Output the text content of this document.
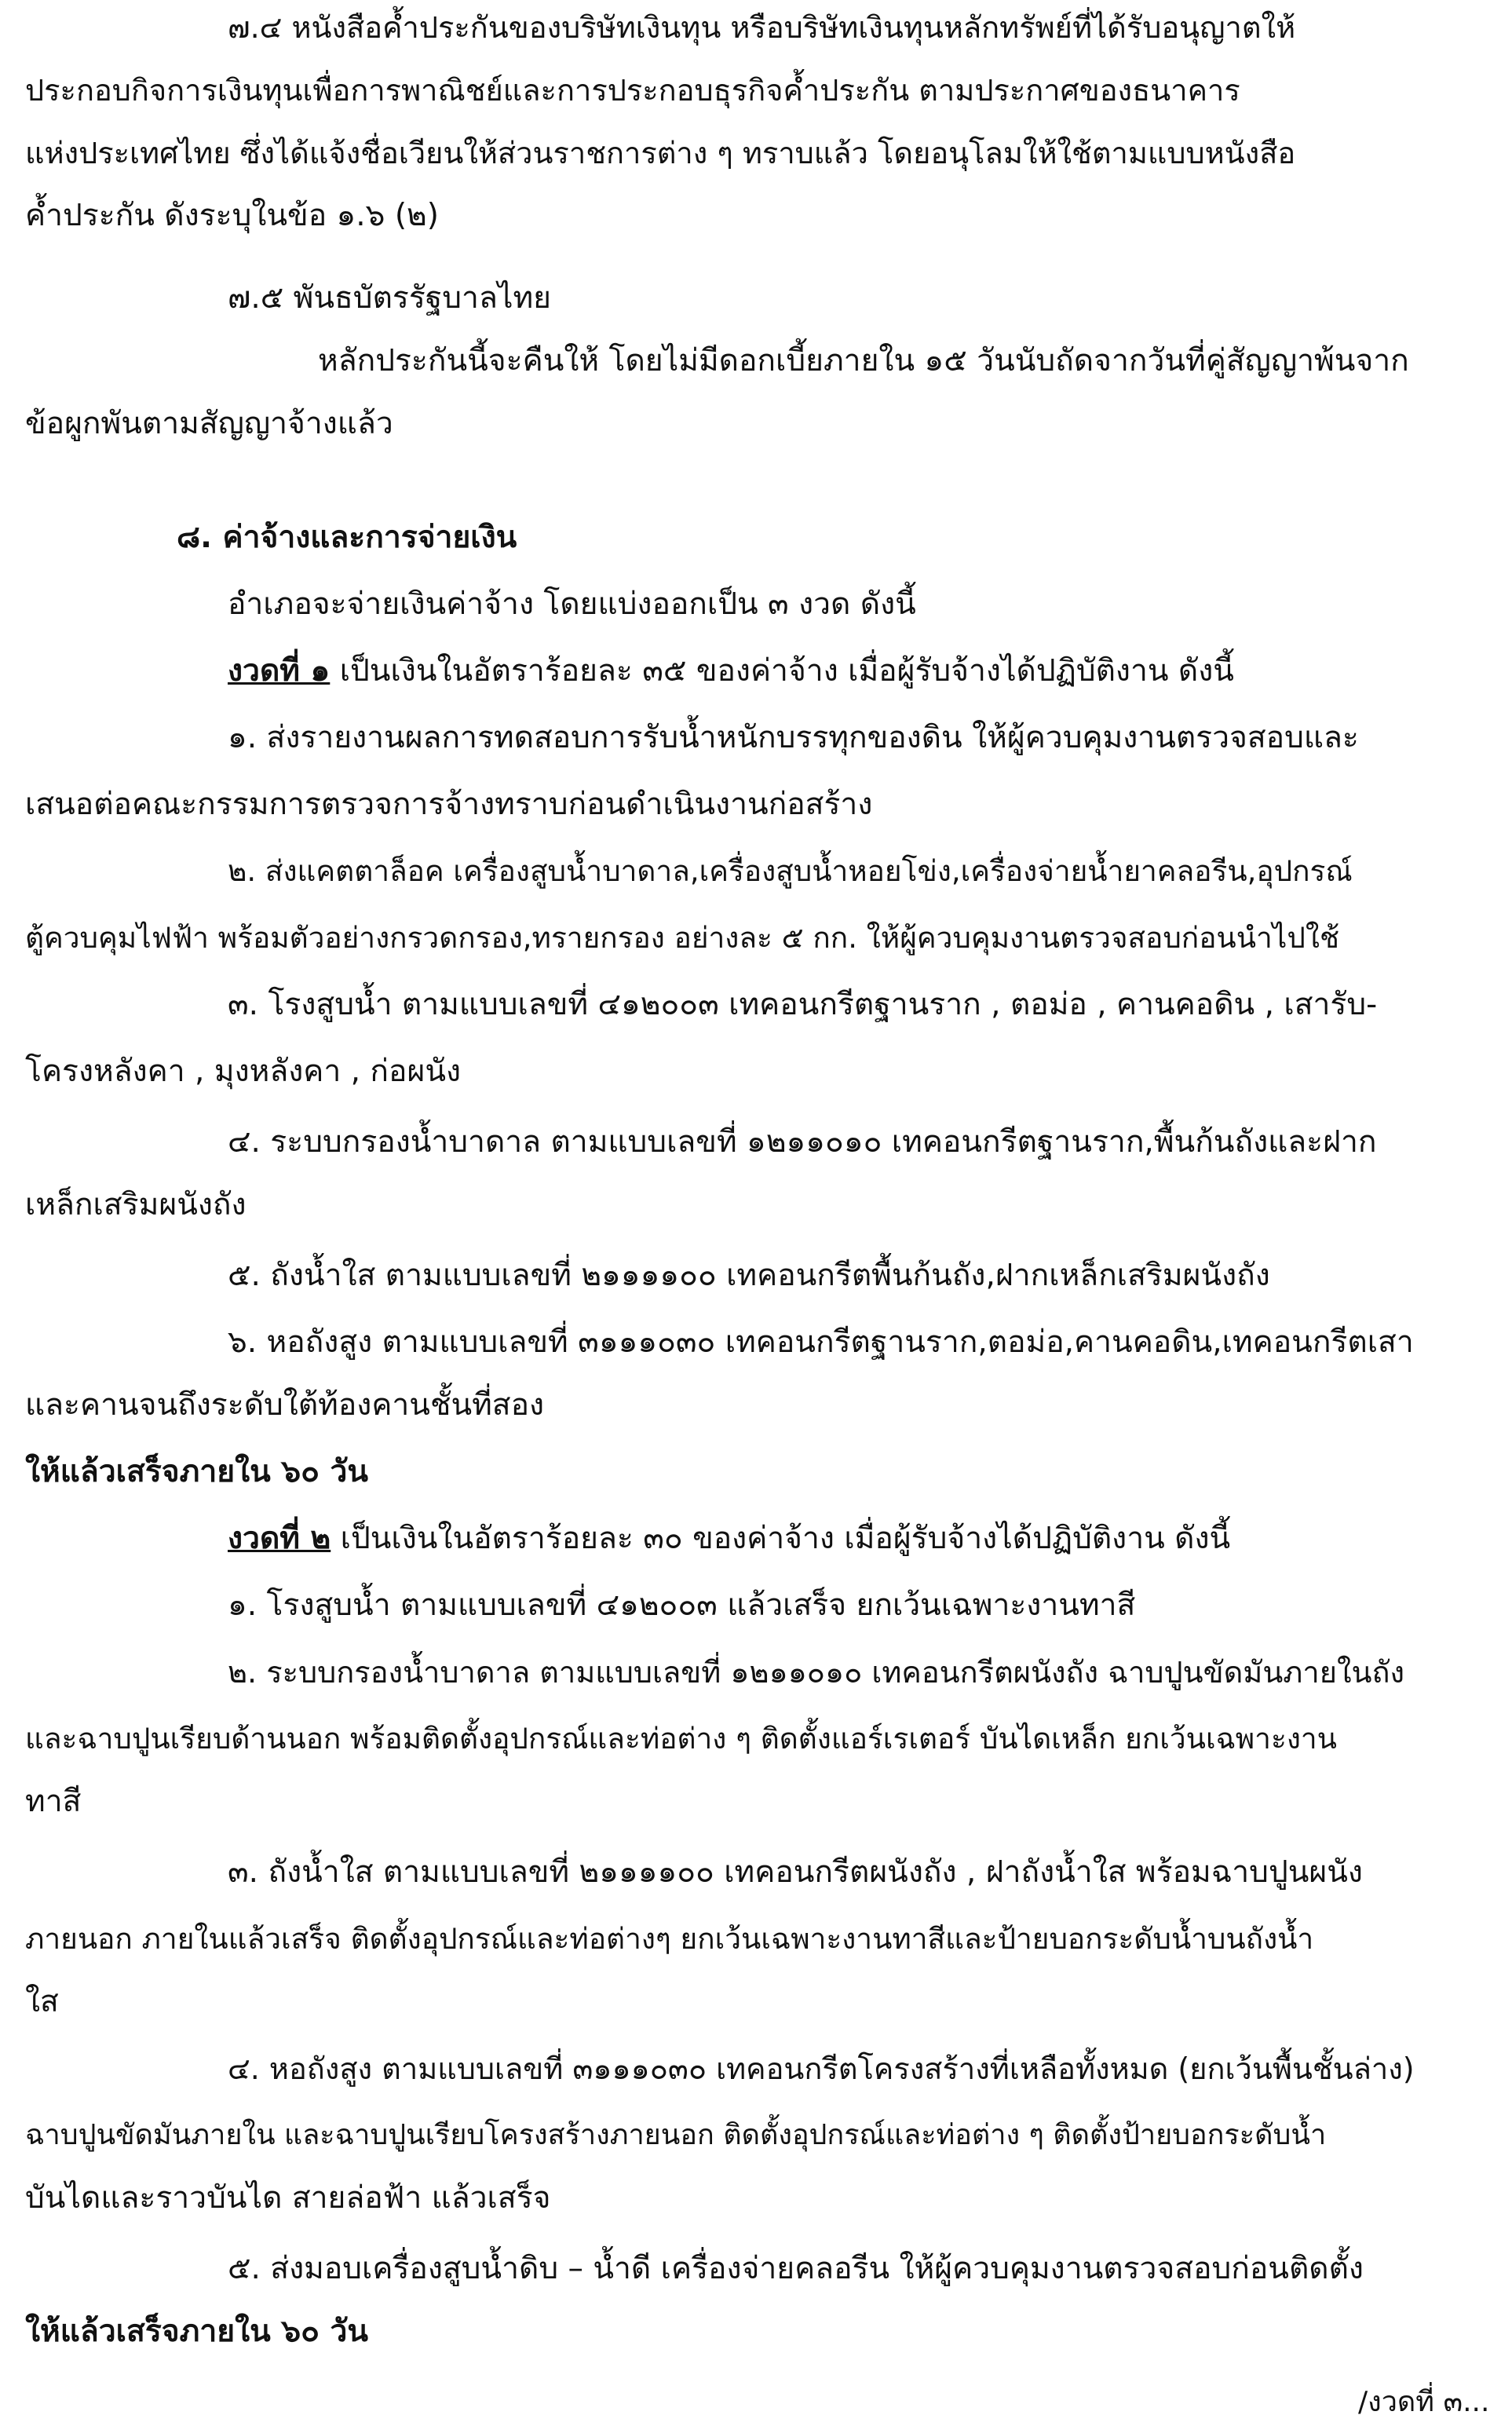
๗.๔ หนังสือค้ำประกันของบริษัทเงินทุน หรือบริษัทเงินทุนหลักทรัพย์ที่ได้รับอนุญาตให้
ประกอบกิจการเงินทุนเพื่อการพาณิชย์และการประกอบธุรกิจค้ำประกัน ตามประกาศของธนาคาร
แห่งประเทศไทย ซึ่งได้แจ้งชื่อเวียนให้ส่วนราชการต่าง ๆ ทราบแล้ว โดยอนุโลมให้ใช้ตามแบบหนังสือ
ค้ำประกัน ดังระบุในข้อ ๑.๖ (๒)
๗.๕ พันธบัตรรัฐบาลไทย
หลักประกันนี้จะคืนให้ โดยไม่มีดอกเบี้ยภายใน ๑๕ วันนับถัดจากวันที่คู่สัญญาพ้นจาก
ข้อผูกพันตามสัญญาจ้างแล้ว
๘. ค่าจ้างและการจ่ายเงิน
อำเภอจะจ่ายเงินค่าจ้าง โดยแบ่งออกเป็น ๓ งวด ดังนี้
งวดที่ ๑ เป็นเงินในอัตราร้อยละ ๓๕ ของค่าจ้าง เมื่อผู้รับจ้างได้ปฏิบัติงาน ดังนี้
๑. ส่งรายงานผลการทดสอบการรับน้ำหนักบรรทุกของดิน ให้ผู้ควบคุมงานตรวจสอบและ
เสนอต่อคณะกรรมการตรวจการจ้างทราบก่อนดำเนินงานก่อสร้าง
๒. ส่งแคตตาล็อค เครื่องสูบน้ำบาดาล,เครื่องสูบน้ำหอยโข่ง,เครื่องจ่ายน้ำยาคลอรีน,อุปกรณ์
ตู้ควบคุมไฟฟ้า พร้อมตัวอย่างกรวดกรอง,ทรายกรอง อย่างละ ๕ กก. ให้ผู้ควบคุมงานตรวจสอบก่อนนำไปใช้
๓. โรงสูบน้ำ ตามแบบเลขที่ ๔๑๒๐๐๓ เทคอนกรีตฐานราก , ตอม่อ , คานคอดิน , เสารับ-
โครงหลังคา , มุงหลังคา , ก่อผนัง
๔. ระบบกรองน้ำบาดาล ตามแบบเลขที่ ๑๒๑๑๐๑๐ เทคอนกรีตฐานราก,พื้นก้นถังและฝาก
เหล็กเสริมผนังถัง
๕. ถังน้ำใส ตามแบบเลขที่ ๒๑๑๑๑๐๐ เทคอนกรีตพื้นก้นถัง,ฝากเหล็กเสริมผนังถัง
๖. หอถังสูง ตามแบบเลขที่ ๓๑๑๑๐๓๐ เทคอนกรีตฐานราก,ตอม่อ,คานคอดิน,เทคอนกรีตเสา
และคานจนถึงระดับใต้ท้องคานชั้นที่สอง
ให้แล้วเสร็จภายใน ๖๐ วัน
งวดที่ ๒ เป็นเงินในอัตราร้อยละ ๓๐ ของค่าจ้าง เมื่อผู้รับจ้างได้ปฏิบัติงาน ดังนี้
๑. โรงสูบน้ำ ตามแบบเลขที่ ๔๑๒๐๐๓ แล้วเสร็จ ยกเว้นเฉพาะงานทาสี
๒. ระบบกรองน้ำบาดาล ตามแบบเลขที่ ๑๒๑๑๐๑๐ เทคอนกรีตผนังถัง ฉาบปูนขัดมันภายในถัง
และฉาบปูนเรียบด้านนอก พร้อมติดตั้งอุปกรณ์และท่อต่าง ๆ ติดตั้งแอร์เรเตอร์ บันไดเหล็ก ยกเว้นเฉพาะงาน
ทาสี
๓. ถังน้ำใส ตามแบบเลขที่ ๒๑๑๑๑๐๐ เทคอนกรีตผนังถัง , ฝาถังน้ำใส พร้อมฉาบปูนผนัง
ภายนอก ภายในแล้วเสร็จ ติดตั้งอุปกรณ์และท่อต่างๆ ยกเว้นเฉพาะงานทาสีและป้ายบอกระดับน้ำบนถังน้ำ
ใส
๔. หอถังสูง ตามแบบเลขที่ ๓๑๑๑๐๓๐ เทคอนกรีตโครงสร้างที่เหลือทั้งหมด (ยกเว้นพื้นชั้นล่าง)
ฉาบปูนขัดมันภายใน และฉาบปูนเรียบโครงสร้างภายนอก ติดตั้งอุปกรณ์และท่อต่าง ๆ ติดตั้งป้ายบอกระดับน้ำ
บันไดและราวบันได สายล่อฟ้า แล้วเสร็จ
๕. ส่งมอบเครื่องสูบน้ำดิบ – น้ำดี เครื่องจ่ายคลอรีน ให้ผู้ควบคุมงานตรวจสอบก่อนติดตั้ง
ให้แล้วเสร็จภายใน ๖๐ วัน
/งวดที่ ๓...
